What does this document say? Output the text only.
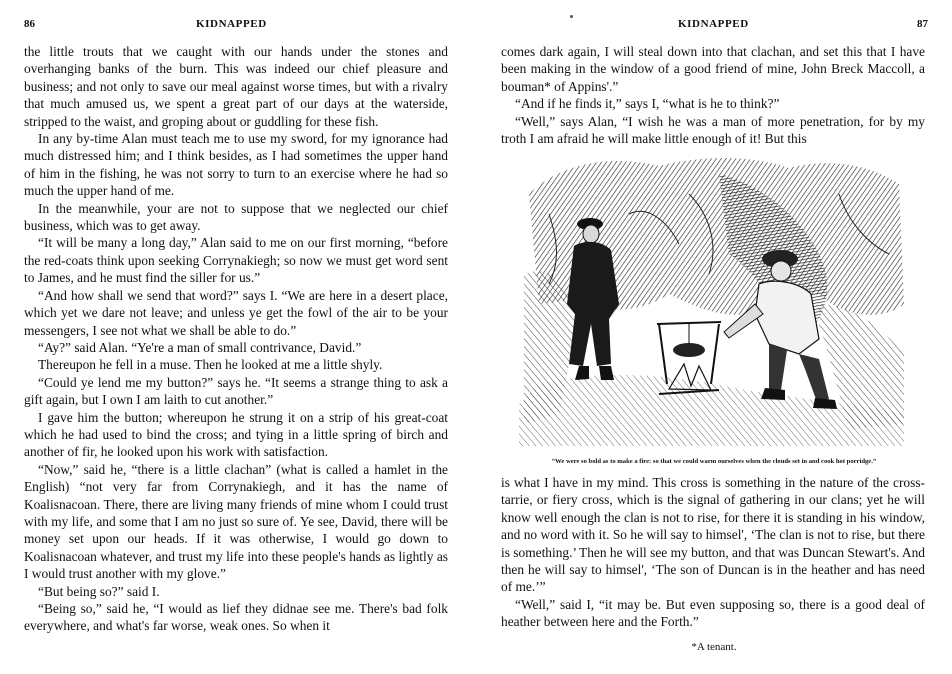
86	KIDNAPPED

the little trouts that we caught with our hands under the stones and overhanging banks of the burn. This was indeed our chief pleasure and business; and not only to save our meal against worse times, but with a rivalry that much amused us, we spent a great part of our days at the waterside, stripped to the waist, and groping about or guddling for these fish.

In any by-time Alan must teach me to use my sword, for my ignorance had much distressed him; and I think besides, as I had sometimes the upper hand of him in the fishing, he was not sorry to turn to an exercise where he had so much the upper hand of me.

In the meanwhile, your are not to suppose that we neglected our chief business, which was to get away.

“It will be many a long day,” Alan said to me on our first morning, “before the red-coats think upon seeking Corrynakiegh; so now we must get word sent to James, and he must find the siller for us.”

“And how shall we send that word?” says I. “We are here in a desert place, which yet we dare not leave; and unless ye get the fowl of the air to be your messengers, I see not what we shall be able to do.”

“Ay?” said Alan. “Ye're a man of small contrivance, David.”

Thereupon he fell in a muse. Then he looked at me a little shyly.

“Could ye lend me my button?” says he. “It seems a strange thing to ask a gift again, but I own I am laith to cut another.”

I gave him the button; whereupon he strung it on a strip of his great-coat which he had used to bind the cross; and tying in a little spring of birch and another of fir, he looked upon his work with satisfaction.

“Now,” said he, “there is a little clachan” (what is called a hamlet in the English) “not very far from Corrynakiegh, and it has the name of Koalisnacoan. There, there are living many friends of mine whom I could trust with my life, and some that I am no just so sure of. Ye see, David, there will be money set upon our heads. If it was otherwise, I would go down to Koalisnacoan whatever, and trust my life into these people's hands as lightly as I would trust another with my glove.”

“But being so?” said I.

“Being so,” said he, “I would as lief they didnae see me. There's bad folk everywhere, and what's far worse, weak ones. So when it

KIDNAPPED	87

comes dark again, I will steal down into that clachan, and set this that I have been making in the window of a good friend of mine, John Breck Maccoll, a bouman* of Appins'.”

“And if he finds it,” says I, “what is he to think?”

“Well,” says Alan, “I wish he was a man of more penetration, for by my troth I am afraid he will make little enough of it! But this

“We were so bold as to make a fire: so that we could warm ourselves when the clouds set in and cook hot porridge.”

is what I have in my mind. This cross is something in the nature of the cross-tarrie, or fiery cross, which is the signal of gathering in our clans; yet he will know well enough the clan is not to rise, for there it is standing in his window, and no word with it. So he will say to himsel', ‘The clan is not to rise, but there is something.’ Then he will see my button, and that was Duncan Stewart's. And then he will say to himsel', ‘The son of Duncan is in the heather and has need of me.’”

“Well,” said I, “it may be. But even supposing so, there is a good deal of heather between here and the Forth.”

*A tenant.
